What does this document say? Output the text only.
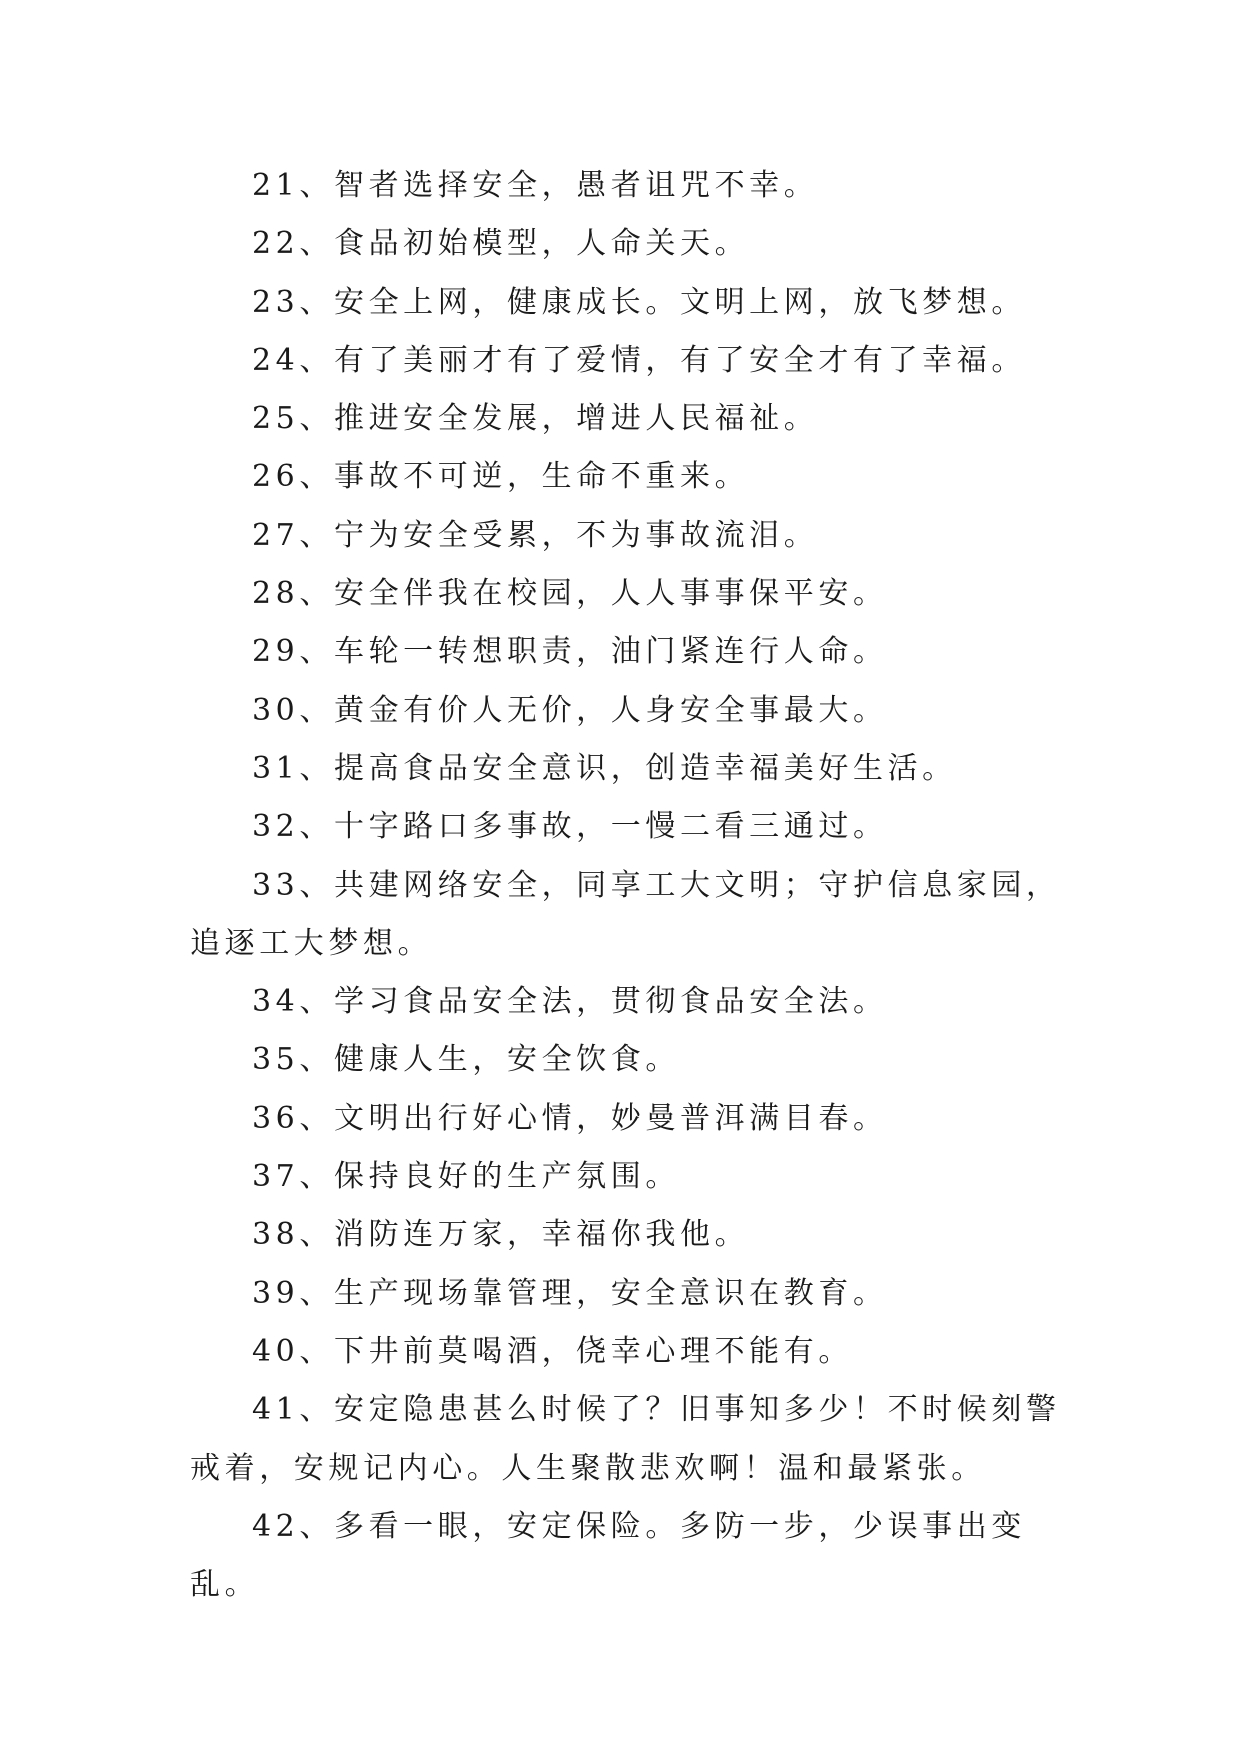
21、智者选择安全，愚者诅咒不幸。

22、食品初始模型，人命关天。

23、安全上网，健康成长。文明上网，放飞梦想。

24、有了美丽才有了爱情，有了安全才有了幸福。

25、推进安全发展，增进人民福祉。

26、事故不可逆，生命不重来。

27、宁为安全受累，不为事故流泪。

28、安全伴我在校园，人人事事保平安。

29、车轮一转想职责，油门紧连行人命。

30、黄金有价人无价，人身安全事最大。

31、提高食品安全意识，创造幸福美好生活。

32、十字路口多事故，一慢二看三通过。

33、共建网络安全，同享工大文明；守护信息家园，追逐工大梦想。

34、学习食品安全法，贯彻食品安全法。

35、健康人生，安全饮食。

36、文明出行好心情，妙曼普洱满目春。

37、保持良好的生产氛围。

38、消防连万家，幸福你我他。

39、生产现场靠管理，安全意识在教育。

40、下井前莫喝酒，侥幸心理不能有。

41、安定隐患甚么时候了？旧事知多少！不时候刻警戒着，安规记内心。人生聚散悲欢啊！温和最紧张。

42、多看一眼，安定保险。多防一步，少误事出变乱。
